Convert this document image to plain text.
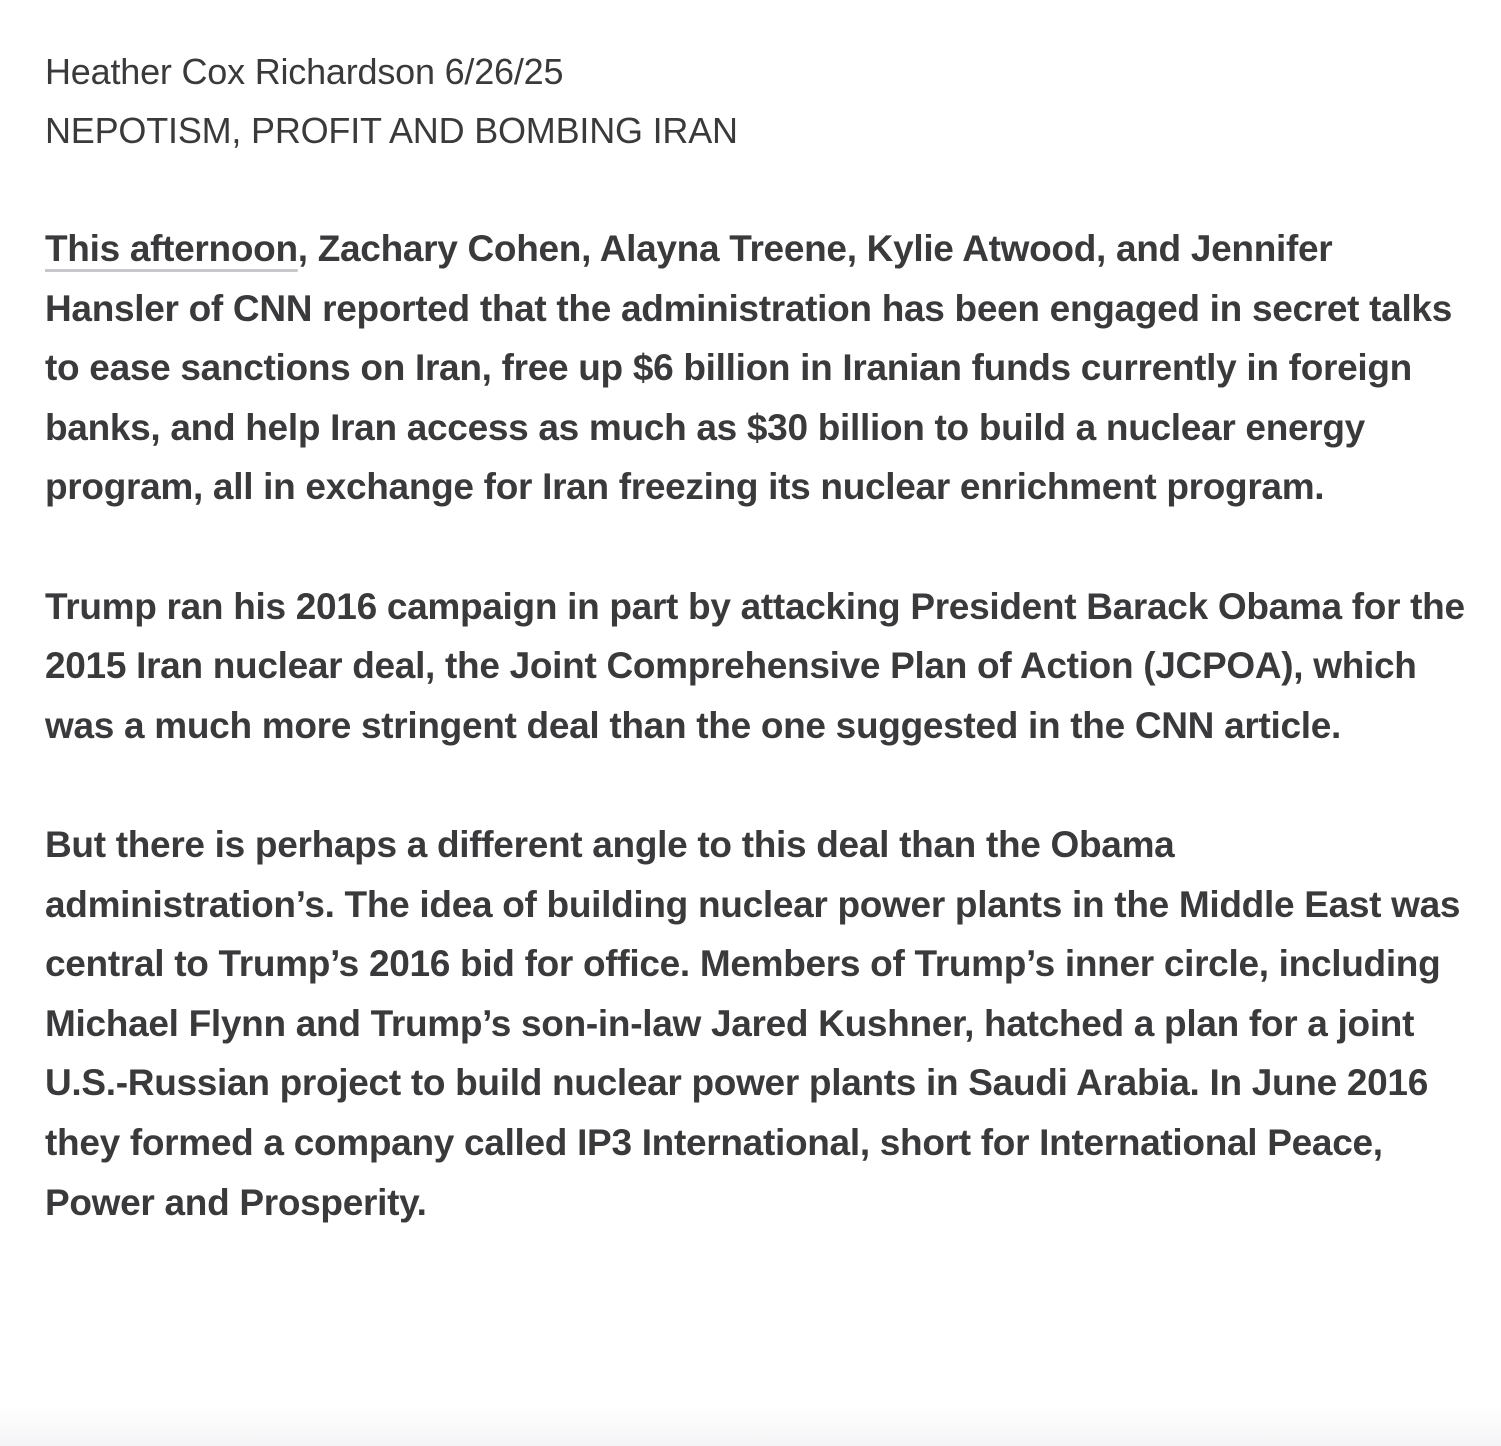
Heather Cox Richardson 6/26/25
NEPOTISM, PROFIT AND BOMBING IRAN

This afternoon, Zachary Cohen, Alayna Treene, Kylie Atwood, and Jennifer Hansler of CNN reported that the administration has been engaged in secret talks to ease sanctions on Iran, free up $6 billion in Iranian funds currently in foreign banks, and help Iran access as much as $30 billion to build a nuclear energy program, all in exchange for Iran freezing its nuclear enrichment program.

Trump ran his 2016 campaign in part by attacking President Barack Obama for the 2015 Iran nuclear deal, the Joint Comprehensive Plan of Action (JCPOA), which was a much more stringent deal than the one suggested in the CNN article.

But there is perhaps a different angle to this deal than the Obama administration’s. The idea of building nuclear power plants in the Middle East was central to Trump’s 2016 bid for office. Members of Trump’s inner circle, including Michael Flynn and Trump’s son-in-law Jared Kushner, hatched a plan for a joint U.S.-Russian project to build nuclear power plants in Saudi Arabia. In June 2016 they formed a company called IP3 International, short for International Peace, Power and Prosperity.
